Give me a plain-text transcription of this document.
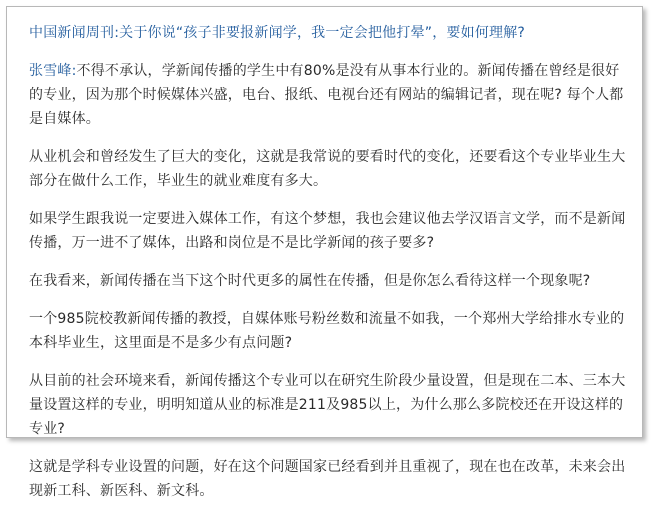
中国新闻周刊:关于你说“孩子非要报新闻学，我一定会把他打晕”，要如何理解?

张雪峰:不得不承认，学新闻传播的学生中有80%是没有从事本行业的。新闻传播在曾经是很好的专业，因为那个时候媒体兴盛，电台、报纸、电视台还有网站的编辑记者，现在呢? 每个人都是自媒体。

从业机会和曾经发生了巨大的变化，这就是我常说的要看时代的变化，还要看这个专业毕业生大部分在做什么工作，毕业生的就业难度有多大。

如果学生跟我说一定要进入媒体工作，有这个梦想，我也会建议他去学汉语言文学，而不是新闻传播，万一进不了媒体，出路和岗位是不是比学新闻的孩子要多?

在我看来，新闻传播在当下这个时代更多的属性在传播，但是你怎么看待这样一个现象呢?

一个985院校教新闻传播的教授，自媒体账号粉丝数和流量不如我，一个郑州大学给排水专业的本科毕业生，这里面是不是多少有点问题?

从目前的社会环境来看，新闻传播这个专业可以在研究生阶段少量设置，但是现在二本、三本大量设置这样的专业，明明知道从业的标准是211及985以上，为什么那么多院校还在开设这样的专业?

这就是学科专业设置的问题，好在这个问题国家已经看到并且重视了，现在也在改革，未来会出现新工科、新医科、新文科。
